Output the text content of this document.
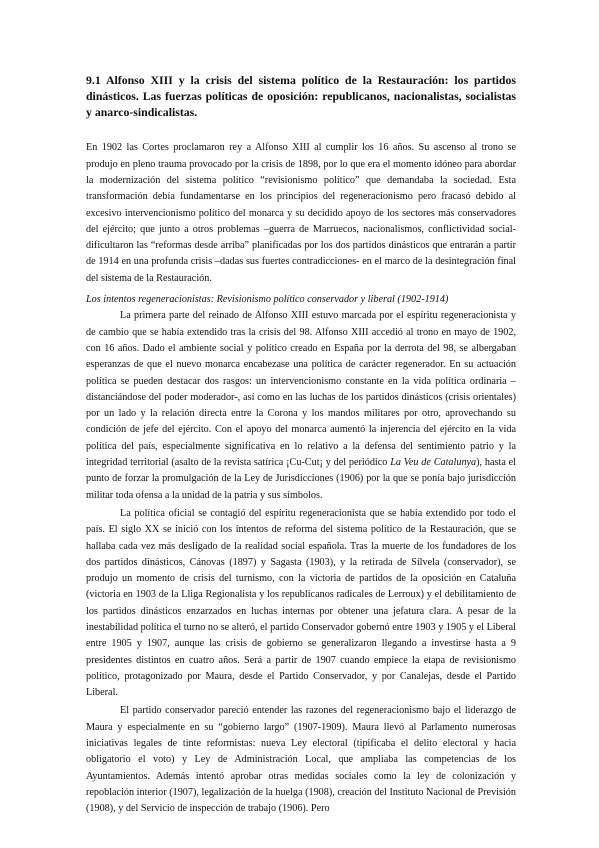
9.1 Alfonso XIII y la crisis del sistema político de la Restauración: los partidos dinásticos. Las fuerzas políticas de oposición: republicanos, nacionalistas, socialistas y anarco-sindicalistas.

En 1902 las Cortes proclamaron rey a Alfonso XIII al cumplir los 16 años. Su ascenso al trono se produjo en pleno trauma provocado por la crisis de 1898, por lo que era el momento idóneo para abordar la modernización del sistema político “revisionismo político” que demandaba la sociedad. Esta transformación debía fundamentarse en los principios del regeneracionismo pero fracasó debido al excesivo intervencionismo político del monarca y su decidido apoyo de los sectores más conservadores del ejército; que junto a otros problemas –guerra de Marruecos, nacionalismos, conflictividad social- dificultaron las “reformas desde arriba” planificadas por los dos partidos dinásticos que entrarán a partir de 1914 en una profunda crisis –dadas sus fuertes contradicciones- en el marco de la desintegración final del sistema de la Restauración.

Los intentos regeneracionistas: Revisionismo político conservador y liberal (1902-1914)

La primera parte del reinado de Alfonso XIII estuvo marcada por el espíritu regeneracionista y de cambio que se había extendido tras la crisis del 98. Alfonso XIII accedió al trono en mayo de 1902, con 16 años. Dado el ambiente social y político creado en España por la derrota del 98, se albergaban esperanzas de que el nuevo monarca encabezase una política de carácter regenerador. En su actuación política se pueden destacar dos rasgos: un intervencionismo constante en la vida política ordinaria –distanciándose del poder moderador-, así como en las luchas de los partidos dinásticos (crisis orientales) por un lado y la relación directa entre la Corona y los mandos militares por otro, aprovechando su condición de jefe del ejército. Con el apoyo del monarca aumentó la injerencia del ejército en la vida política del país, especialmente significativa en lo relativo a la defensa del sentimiento patrio y la integridad territorial (asalto de la revista satírica ¡Cu-Cut¡ y del periódico La Veu de Catalunya), hasta el punto de forzar la promulgación de la Ley de Jurisdicciones (1906) por la que se ponía bajo jurisdicción militar toda ofensa a la unidad de la patria y sus símbolos.

La política oficial se contagió del espíritu regeneracionista que se había extendido por todo el país. El siglo XX se inició con los intentos de reforma del sistema político de la Restauración, que se hallaba cada vez más desligado de la realidad social española. Tras la muerte de los fundadores de los dos partidos dinásticos, Cánovas (1897) y Sagasta (1903), y la retirada de Silvela (conservador), se produjo un momento de crisis del turnismo, con la victoria de partidos de la oposición en Cataluña (victoria en 1903 de la Lliga Regionalista y los republicanos radicales de Lerroux) y el debilitamiento de los partidos dinásticos enzarzados en luchas internas por obtener una jefatura clara. A pesar de la inestabilidad política el turno no se alteró, el partido Conservador gobernó entre 1903 y 1905 y el Liberal entre 1905 y 1907, aunque las crisis de gobierno se generalizaron llegando a investirse hasta a 9 presidentes distintos en cuatro años. Será a partir de 1907 cuando empiece la etapa de revisionismo político, protagonizado por Maura, desde el Partido Conservador, y por Canalejas, desde el Partido Liberal.

El partido conservador pareció entender las razones del regeneracionismo bajo el liderazgo de Maura y especialmente en su “gobierno largo” (1907-1909). Maura llevó al Parlamento numerosas iniciativas legales de tinte reformistas: nueva Ley electoral (tipificaba el delito electoral y hacia obligatorio el voto) y Ley de Administración Local, que ampliaba las competencias de los Ayuntamientos. Además intentó aprobar otras medidas sociales como la ley de colonización y repoblación interior (1907), legalización de la huelga (1908), creación del Instituto Nacional de Previsión (1908), y del Servicio de inspección de trabajo (1906). Pero
